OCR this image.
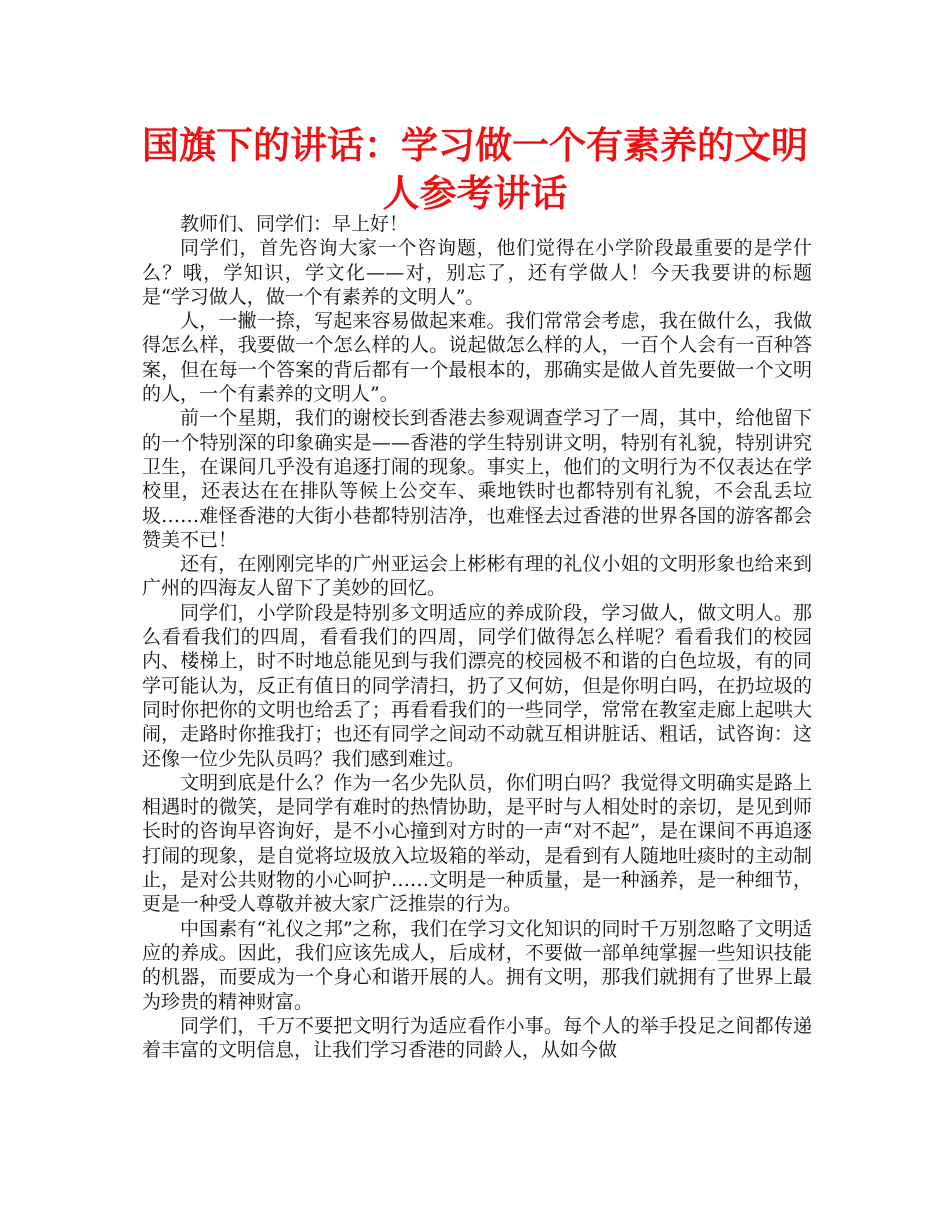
国旗下的讲话：学习做一个有素养的文明人参考讲话

教师们、同学们：早上好！

同学们，首先咨询大家一个咨询题，他们觉得在小学阶段最重要的是学什么？哦，学知识，学文化——对，别忘了，还有学做人！今天我要讲的标题是“学习做人，做一个有素养的文明人”。

人，一撇一捺，写起来容易做起来难。我们常常会考虑，我在做什么，我做得怎么样，我要做一个怎么样的人。说起做怎么样的人，一百个人会有一百种答案，但在每一个答案的背后都有一个最根本的，那确实是做人首先要做一个文明的人，一个有素养的文明人”。

前一个星期，我们的谢校长到香港去参观调查学习了一周，其中，给他留下的一个特别深的印象确实是——香港的学生特别讲文明，特别有礼貌，特别讲究卫生，在课间几乎没有追逐打闹的现象。事实上，他们的文明行为不仅表达在学校里，还表达在在排队等候上公交车、乘地铁时也都特别有礼貌，不会乱丢垃圾……难怪香港的大街小巷都特别洁净，也难怪去过香港的世界各国的游客都会赞美不已！

还有，在刚刚完毕的广州亚运会上彬彬有理的礼仪小姐的文明形象也给来到广州的四海友人留下了美妙的回忆。

同学们，小学阶段是特别多文明适应的养成阶段，学习做人，做文明人。那么看看我们的四周，看看我们的四周，同学们做得怎么样呢？看看我们的校园内、楼梯上，时不时地总能见到与我们漂亮的校园极不和谐的白色垃圾，有的同学可能认为，反正有值日的同学清扫，扔了又何妨，但是你明白吗，在扔垃圾的同时你把你的文明也给丢了；再看看我们的一些同学，常常在教室走廊上起哄大闹，走路时你推我打；也还有同学之间动不动就互相讲脏话、粗话，试咨询：这还像一位少先队员吗？我们感到难过。

文明到底是什么？作为一名少先队员，你们明白吗？我觉得文明确实是路上相遇时的微笑，是同学有难时的热情协助，是平时与人相处时的亲切，是见到师长时的咨询早咨询好，是不小心撞到对方时的一声“对不起”，是在课间不再追逐打闹的现象，是自觉将垃圾放入垃圾箱的举动，是看到有人随地吐痰时的主动制止，是对公共财物的小心呵护……文明是一种质量，是一种涵养，是一种细节，更是一种受人尊敬并被大家广泛推崇的行为。

中国素有“礼仪之邦”之称，我们在学习文化知识的同时千万别忽略了文明适应的养成。因此，我们应该先成人，后成材，不要做一部单纯掌握一些知识技能的机器，而要成为一个身心和谐开展的人。拥有文明，那我们就拥有了世界上最为珍贵的精神财富。

同学们，千万不要把文明行为适应看作小事。每个人的举手投足之间都传递着丰富的文明信息，让我们学习香港的同龄人，从如今做
